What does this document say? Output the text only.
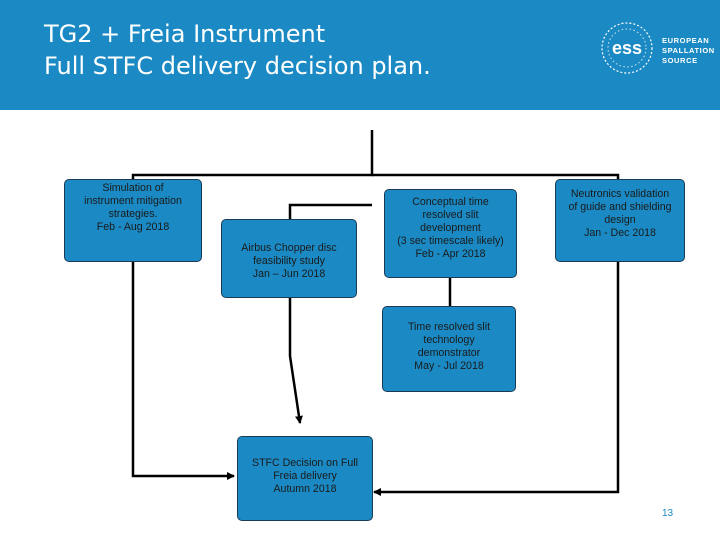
TG2 + Freia Instrument
Full STFC delivery decision plan.
ess	EUROPEAN
SPALLATION
SOURCE
Simulation of
instrument mitigation
strategies.
Feb - Aug 2018
Airbus Chopper disc
feasibility study
Jan – Jun 2018
Conceptual time
resolved slit
development
(3 sec timescale likely)
Feb - Apr 2018
Neutronics validation
of guide and shielding
design
Jan - Dec 2018
Time resolved slit
technology
demonstrator
May - Jul 2018
STFC Decision on Full
Freia delivery
Autumn 2018
13
